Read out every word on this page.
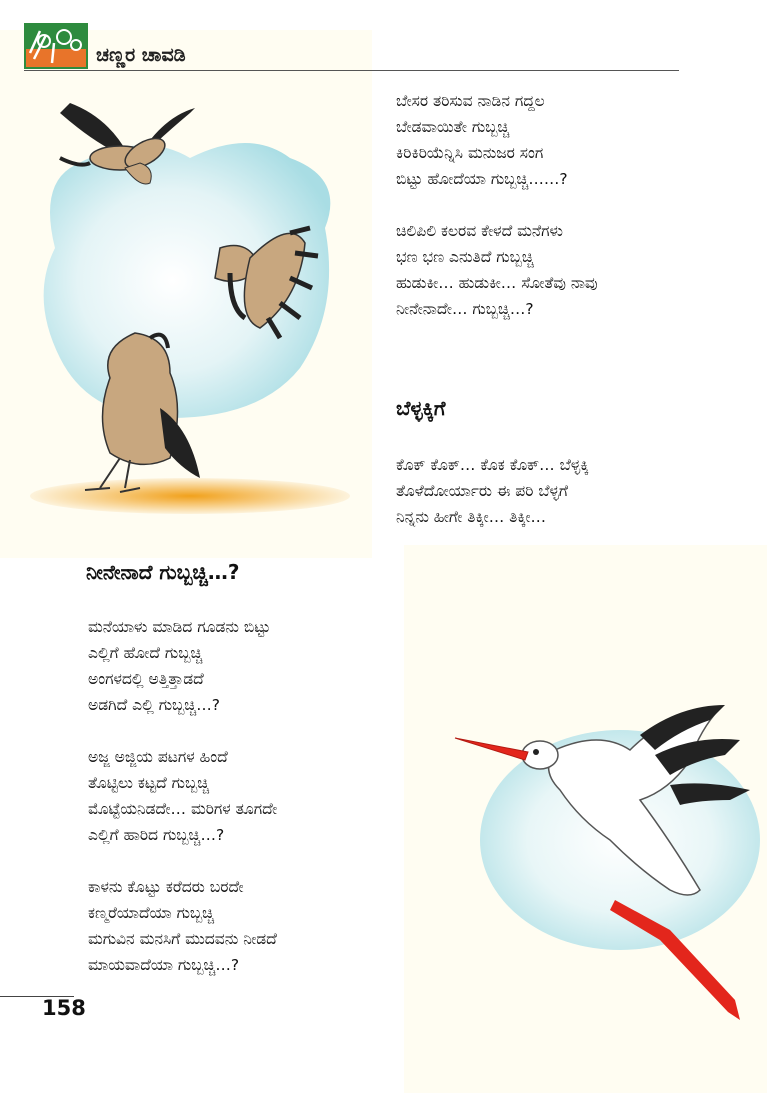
ಚಣ್ಣರ ಚಾವಡಿ
ನೀನೇನಾದೆ ಗುಬ್ಬಚ್ಚಿ…?
ಮನೆಯಾಳು ಮಾಡಿದ ಗೂಡನು ಬಿಟ್ಟು
ಎಲ್ಲಿಗೆ ಹೋದೆ ಗುಬ್ಬಚ್ಚಿ
ಅಂಗಳದಲ್ಲಿ ಅತ್ತಿತ್ತಾಡದೆ
ಅಡಗಿದೆ ಎಲ್ಲಿ ಗುಬ್ಬಚ್ಚಿ…?
ಅಜ್ಜ ಅಜ್ಜಿಯ ಪಟಗಳ ಹಿಂದೆ
ತೊಟ್ಟಿಲು ಕಟ್ಟದೆ ಗುಬ್ಬಚ್ಚಿ
ಮೊಟ್ಟೆಯನಿಡದೇ… ಮರಿಗಳ ತೂಗದೇ
ಎಲ್ಲಿಗೆ ಹಾರಿದ ಗುಬ್ಬಚ್ಚಿ…?
ಕಾಳನು ಕೊಟ್ಟು ಕರೆದರು ಬರದೇ
ಕಣ್ಮರೆಯಾದೆಯಾ ಗುಬ್ಬಚ್ಚಿ
ಮಗುವಿನ ಮನಸಿಗೆ ಮುದವನು ನೀಡದೆ
ಮಾಯವಾದೆಯಾ ಗುಬ್ಬಚ್ಚಿ…?
ಬೇಸರ ತರಿಸುವ ನಾಡಿನ ಗದ್ದಲ
ಬೇಡವಾಯಿತೇ ಗುಬ್ಬಚ್ಚಿ
ಕಿರಿಕಿರಿಯೆನ್ನಿಸಿ ಮನುಜರ ಸಂಗ
ಬಿಟ್ಟು ಹೋದೆಯಾ ಗುಬ್ಬಚ್ಚಿ……?
ಚಿಲಿಪಿಲಿ ಕಲರವ ಕೇಳದೆ ಮನೆಗಳು
ಭಣ ಭಣ ಎನುತಿದೆ ಗುಬ್ಬಚ್ಚಿ
ಹುಡುಕೀ… ಹುಡುಕೀ… ಸೋತೆವು ನಾವು
ನೀನೇನಾದೇ… ಗುಬ್ಬಚ್ಚಿ…?
ಬೆಳ್ಳಕ್ಕಿಗೆ
ಕೊಕ್ ಕೊಕ್… ಕೊಕ ಕೊಕ್… ಬೆಳ್ಳಕ್ಕಿ
ತೊಳೆದೋರ್ಯಾರು ಈ ಪರಿ ಬೆಳ್ಳಗೆ
ನಿನ್ನನು ಹೀಗೇ ತಿಕ್ಕೀ… ತಿಕ್ಕೀ…
158
